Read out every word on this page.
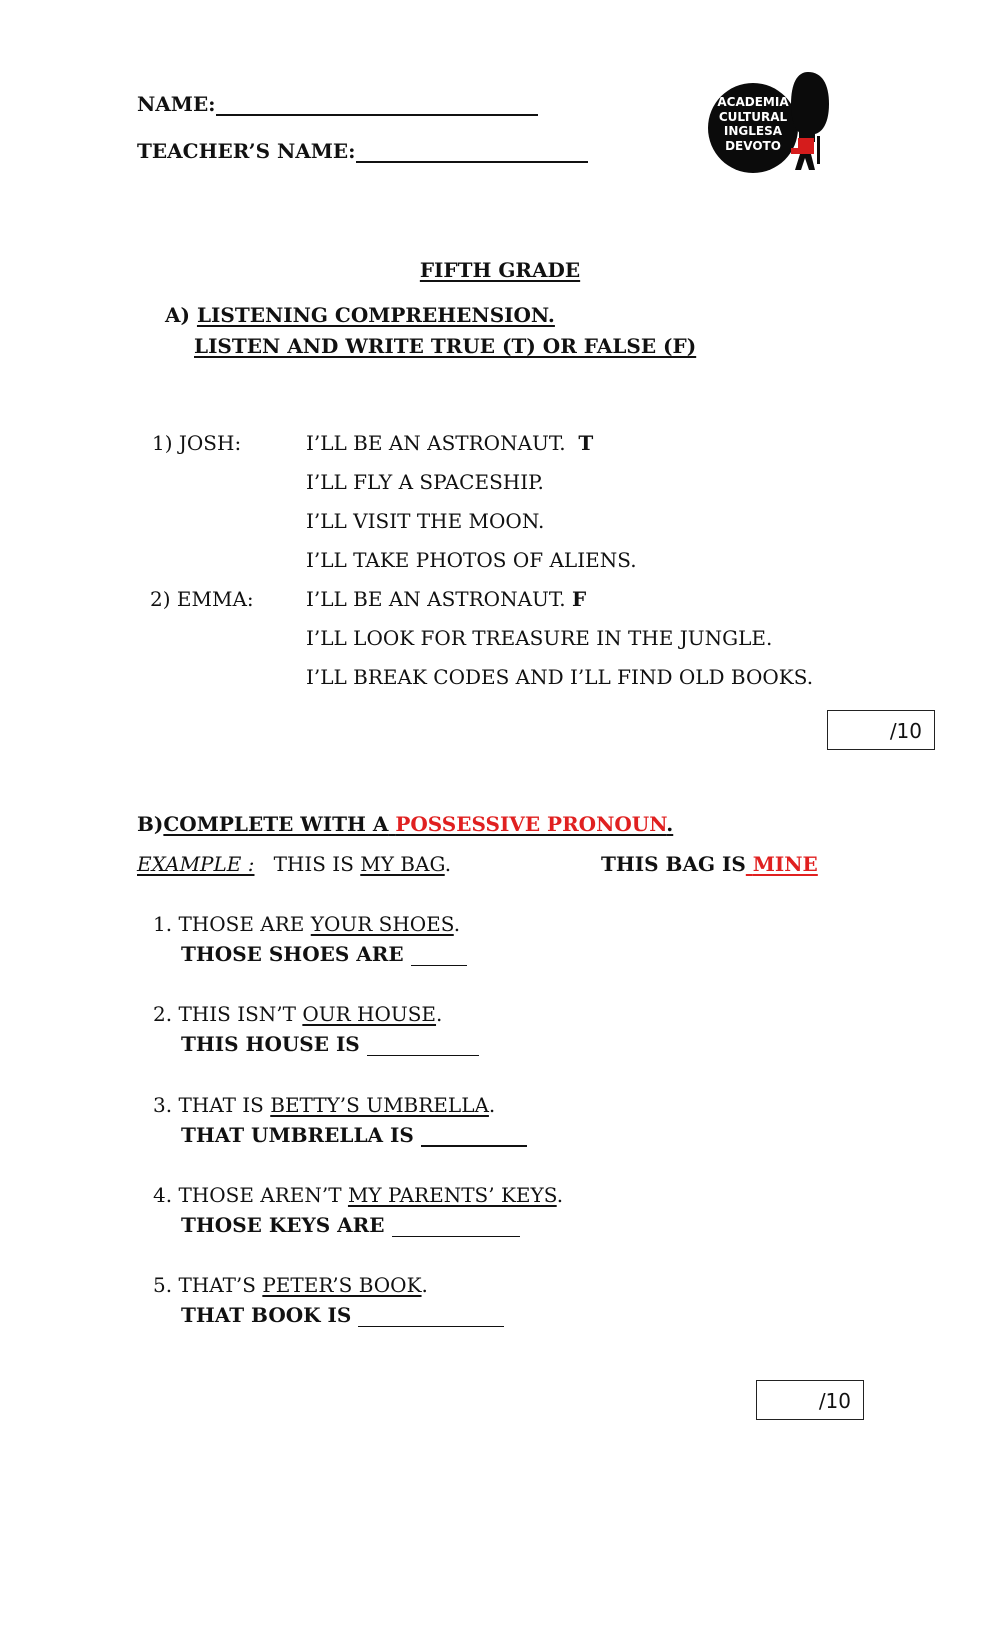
NAME:
TEACHER’S NAME:
ACADEMIA
CULTURAL
INGLESA
DEVOTO
FIFTH GRADE
A) LISTENING COMPREHENSION.
LISTEN AND WRITE TRUE (T) OR FALSE (F)
1) JOSH:	I’LL BE AN ASTRONAUT. T
I’LL FLY A SPACESHIP.
I’LL VISIT THE MOON.
I’LL TAKE PHOTOS OF ALIENS.
2) EMMA:	I’LL BE AN ASTRONAUT. F
I’LL LOOK FOR TREASURE IN THE JUNGLE.
I’LL BREAK CODES AND I’LL FIND OLD BOOKS.
/10
B)COMPLETE WITH A POSSESSIVE PRONOUN.
EXAMPLE : THIS IS MY BAG.	THIS BAG IS MINE
1. THOSE ARE YOUR SHOES.
THOSE SHOES ARE
2. THIS ISN’T OUR HOUSE.
THIS HOUSE IS
3. THAT IS BETTY’S UMBRELLA.
THAT UMBRELLA IS
4. THOSE AREN’T MY PARENTS’ KEYS.
THOSE KEYS ARE
5. THAT’S PETER’S BOOK.
THAT BOOK IS
/10
